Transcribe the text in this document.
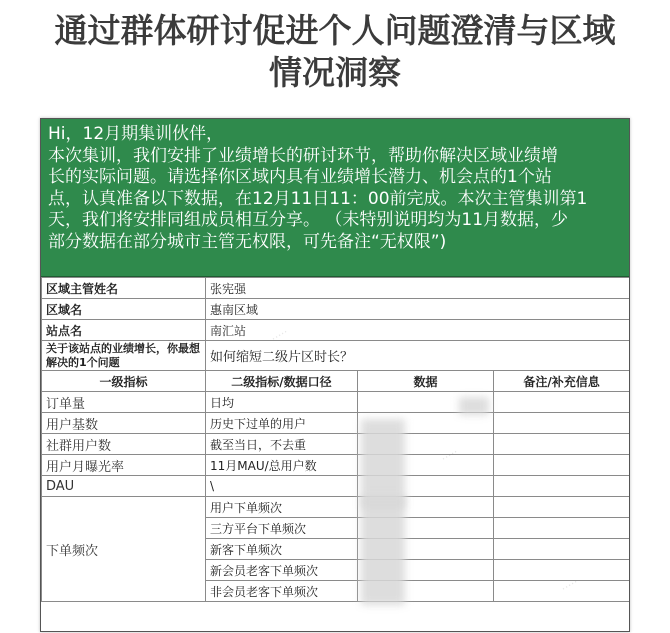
通过群体研讨促进个人问题澄清与区域
情况洞察
Hi，12月期集训伙伴，
本次集训，我们安排了业绩增长的研讨环节，帮助你解决区域业绩增
长的实际问题。请选择你区域内具有业绩增长潜力、机会点的1个站
点，认真准备以下数据，在12月11日11：00前完成。本次主管集训第1
天，我们将安排同组成员相互分享。 （未特别说明均为11月数据，少
部分数据在部分城市主管无权限，可先备注“无权限”)
区域主管姓名	张宪强		
区域名	惠南区域		
站点名	南汇站		
关于该站点的业绩增长，你最想解决的1个问题	如何缩短二级片区时长？		
一级指标	二级指标/数据口径	数据	备注/补充信息
订单量	日均		
用户基数	历史下过单的用户		
社群用户数	截至当日，不去重		
用户月曝光率	11月MAU/总用户数		
DAU	\		
下单频次	用户下单频次		
	三方平台下单频次		
	新客下单频次		
	新会员老客下单频次		
	非会员老客下单频次		
·····
·····
·····
